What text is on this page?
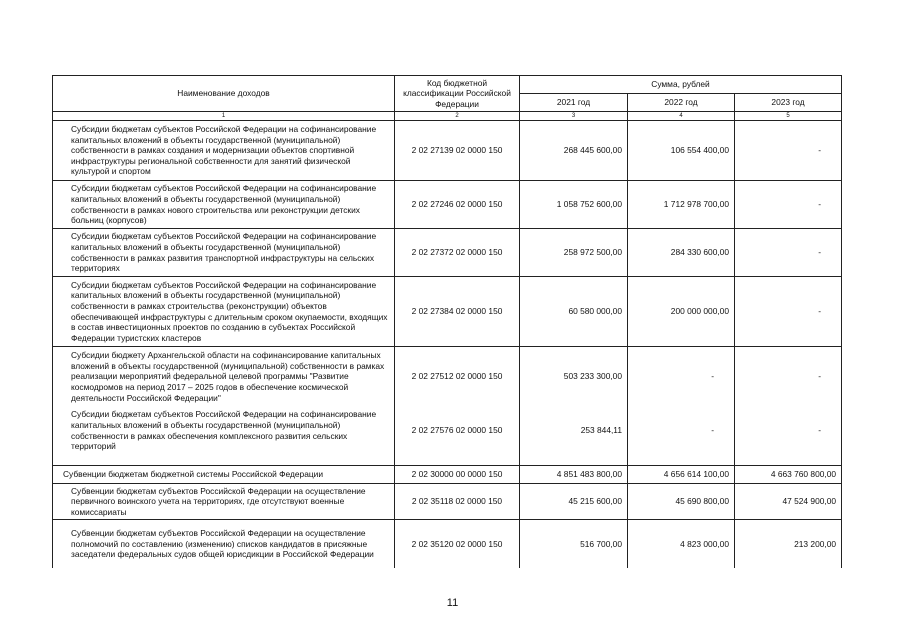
Наименование доходов	Код бюджетной классификации Российской Федерации	Сумма, рублей		
		2021 год	2022 год	2023 год
1	2	3	4	5
Субсидии бюджетам субъектов Российской Федерации на софинансирование капитальных вложений в объекты государственной (муниципальной) собственности в рамках создания и модернизации объектов спортивной инфраструктуры региональной собственности для занятий физической культурой и спортом	2 02 27139 02 0000 150	268 445 600,00	106 554 400,00	-
Субсидии бюджетам субъектов Российской Федерации на софинансирование капитальных вложений в объекты государственной (муниципальной) собственности в рамках нового строительства или реконструкции детских больниц (корпусов)	2 02 27246 02 0000 150	1 058 752 600,00	1 712 978 700,00	-
Субсидии бюджетам субъектов Российской Федерации на софинансирование капитальных вложений в объекты государственной (муниципальной) собственности в рамках развития транспортной инфраструктуры на сельских территориях	2 02 27372 02 0000 150	258 972 500,00	284 330 600,00	-
Субсидии бюджетам субъектов Российской Федерации на софинансирование капитальных вложений в объекты государственной (муниципальной) собственности в рамках строительства (реконструкции) объектов обеспечивающей инфраструктуры с длительным сроком окупаемости, входящих в состав инвестиционных проектов по созданию в субъектах Российской Федерации туристских кластеров	2 02 27384 02 0000 150	60 580 000,00	200 000 000,00	-
Субсидии бюджету Архангельской области на софинансирование капитальных вложений в объекты государственной (муниципальной) собственности в рамках реализации мероприятий федеральной целевой программы "Развитие космодромов на период 2017 – 2025 годов в обеспечение космической деятельности Российской Федерации"	2 02 27512 02 0000 150	503 233 300,00	-	-
Субсидии бюджетам субъектов Российской Федерации на софинансирование капитальных вложений в объекты государственной (муниципальной) собственности в рамках обеспечения комплексного развития сельских территорий	2 02 27576 02 0000 150	253 844,11	-	-

Субвенции бюджетам бюджетной системы Российской Федерации	2 02 30000 00 0000 150	4 851 483 800,00	4 656 614 100,00	4 663 760 800,00
Субвенции бюджетам субъектов Российской Федерации на осуществление первичного воинского учета на территориях, где отсутствуют военные комиссариаты	2 02 35118 02 0000 150	45 215 600,00	45 690 800,00	47 524 900,00
Субвенции бюджетам субъектов Российской Федерации на осуществление полномочий по составлению (изменению) списков кандидатов в присяжные заседатели федеральных судов общей юрисдикции в Российской Федерации	2 02 35120 02 0000 150	516 700,00	4 823 000,00	213 200,00
11
